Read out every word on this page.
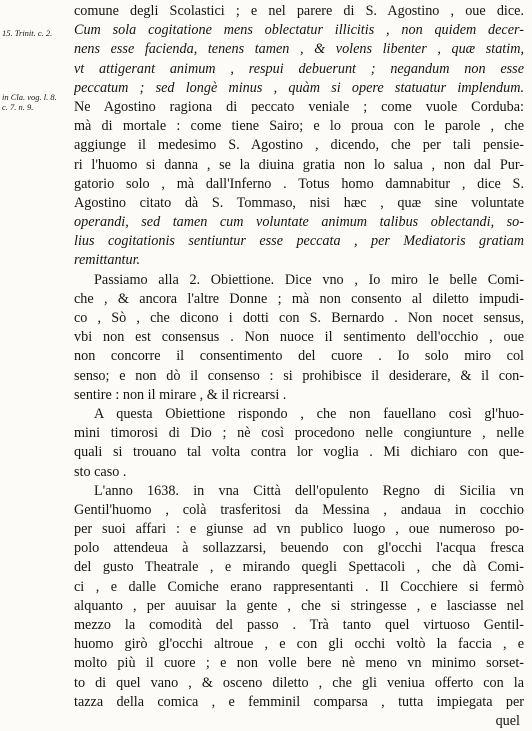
15. Trinit. c. 2.
in Cla. vog. l. 8. c. 7. n. 9.
comune degli Scolastici ; e nel parere di S. Agostino , oue dice.
Cum sola cogitatione mens oblectatur illicitis , non quidem decer-
nens esse facienda, tenens tamen , & volens libenter , quæ statim,
vt attigerant animum , respui debuerunt ; negandum non esse
peccatum ; sed longè minus , quàm si opere statuatur implendum.
Ne Agostino ragiona di peccato veniale ; come vuole Corduba:
mà di mortale : come tiene Sairo; e lo proua con le parole , che
aggiunge il medesimo S. Agostino , dicendo, che per tali pensie-
ri l'huomo si danna , se la diuina gratia non lo salua , non dal Pur-
gatorio solo , mà dall'Inferno . Totus homo damnabitur , dice S.
Agostino citato dà S. Tommaso, nisi hæc , quæ sine voluntate
operandi, sed tamen cum voluntate animum talibus oblectandi, so-
lius cogitationis sentiuntur esse peccata , per Mediatoris gratiam
remittantur.
Passiamo alla 2. Obiettione. Dice vno , Io miro le belle Comi-
che , & ancora l'altre Donne ; mà non consento al diletto impudi-
co , Sò , che dicono i dotti con S. Bernardo . Non nocet sensus,
vbi non est consensus . Non nuoce il sentimento dell'occhio , oue
non concorre il consentimento del cuore . Io solo miro col
senso; e non dò il consenso : si prohibisce il desiderare, & il con-
sentire : non il mirare , & il ricrearsi .
A questa Obiettione rispondo , che non fauellano così gl'huo-
mini timorosi di Dio ; nè così procedono nelle congiunture , nelle
quali si trouano tal volta contra lor voglia . Mi dichiaro con que-
sto caso .
L'anno 1638. in vna Città dell'opulento Regno di Sicilia vn
Gentil'huomo , colà trasferitosi da Messina , andaua in cocchio
per suoi affari : e giunse ad vn publico luogo , oue numeroso po-
polo attendeua à sollazzarsi, beuendo con gl'occhi l'acqua fresca
del gusto Theatrale , e mirando quegli Spettacoli , che dà Comi-
ci , e dalle Comiche erano rappresentanti . Il Cocchiere si fermò
alquanto , per auuisar la gente , che si stringesse , e lasciasse nel
mezzo la comodità del passo . Trà tanto quel virtuoso Gentil-
huomo girò gl'occhi altroue , e con gli occhi voltò la faccia , e
molto più il cuore ; e non volle bere nè meno vn minimo sorset-
to di quel vano , & osceno diletto , che gli veniua offerto con la
tazza della comica , e femminil comparsa , tutta impiegata per
quel
